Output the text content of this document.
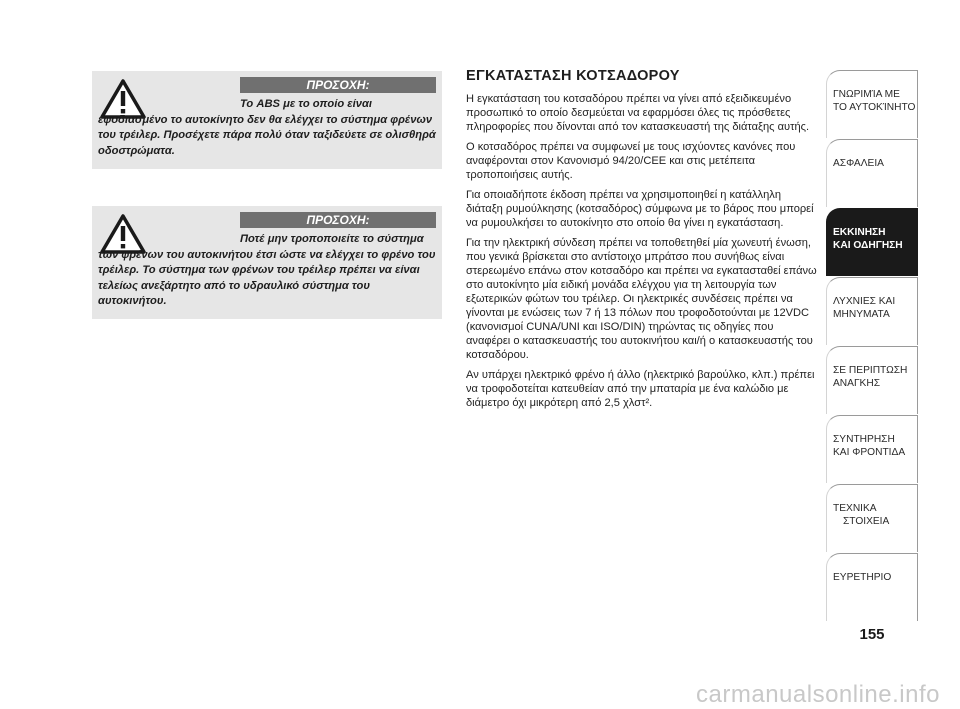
ΠΡΟΣΟΧΗ:
Το ABS με το οποίο είναι εφοδιασμένο το αυτοκίνητο δεν θα ελέγχει το σύστημα φρένων του τρέιλερ. Προσέχετε πάρα πολύ όταν ταξιδεύετε σε ολισθηρά οδοστρώματα.
ΠΡΟΣΟΧΗ:
Ποτέ μην τροποποιείτε το σύστημα των φρένων του αυτοκινήτου έτσι ώστε να ελέγχει το φρένο του τρέιλερ. Το σύστημα των φρένων του τρέιλερ πρέπει να είναι τελείως ανεξάρτητο από το υδραυλικό σύστημα του αυτοκινήτου.
ΕΓΚΑΤΑΣΤΑΣΗ ΚΟΤΣΑΔΟΡΟΥ

Η εγκατάσταση του κοτσαδόρου πρέπει να γίνει από εξειδικευμένο προσωπικό το οποίο δεσμεύεται να εφαρμόσει όλες τις πρόσθετες πληροφορίες που δίνονται από τον κατασκευαστή της διάταξης αυτής.

Ο κοτσαδόρος πρέπει να συμφωνεί με τους ισχύοντες κανόνες που αναφέρονται στον Κανονισμό 94/20/CEE και στις μετέπειτα τροποποιήσεις αυτής.

Για οποιαδήποτε έκδοση πρέπει να χρησιμοποιηθεί η κατάλληλη διάταξη ρυμούλκησης (κοτσαδόρος) σύμφωνα με το βάρος που μπορεί να ρυμουλκήσει το αυτοκίνητο στο οποίο θα γίνει η εγκατάσταση.

Για την ηλεκτρική σύνδεση πρέπει να τοποθετηθεί μία χωνευτή ένωση, που γενικά βρίσκεται στο αντίστοιχο μπράτσο που συνήθως είναι στερεωμένο επάνω στον κοτσαδόρο και πρέπει να εγκατασταθεί επάνω στο αυτοκίνητο μία ειδική μονάδα ελέγχου για τη λειτουργία των εξωτερικών φώτων του τρέιλερ. Οι ηλεκτρικές συνδέσεις πρέπει να γίνονται με ενώσεις των 7 ή 13 πόλων που τροφοδοτούνται με 12VDC (κανονισμοί CUNA/UNI και ISO/DIN) τηρώντας τις οδηγίες που αναφέρει ο κατασκευαστής του αυτοκινήτου και/ή ο κατασκευαστής του κοτσαδόρου.

Αν υπάρχει ηλεκτρικό φρένο ή άλλο (ηλεκτρικό βαρούλκο, κλπ.) πρέπει να τροφοδοτείται κατευθείαν από την μπαταρία με ένα καλώδιο με διάμετρο όχι μικρότερη από 2,5 χλστ².

ΓΝΩΡΙΜΊΑ ΜΕ
ΤΟ ΑΥΤΟΚΊΝΗΤΟ
ΑΣΦΑΛΕΙΑ
ΕΚΚΙΝΗΣΗ
ΚΑΙ ΟΔΗΓΗΣΗ
ΛΥΧΝΙΕΣ ΚΑΙ
ΜΗΝΥΜΑΤΑ
ΣΕ ΠΕΡΙΠΤΩΣΗ
ΑΝΑΓΚΗΣ
ΣΥΝΤΗΡΗΣΗ
ΚΑΙ ΦΡΟΝΤΙΔΑ
ΤΕΧΝΙΚΑ
ΣΤΟΙΧΕΙΑ
ΕΥΡΕΤΗΡΙΟ
155
carmanualsonline.info
